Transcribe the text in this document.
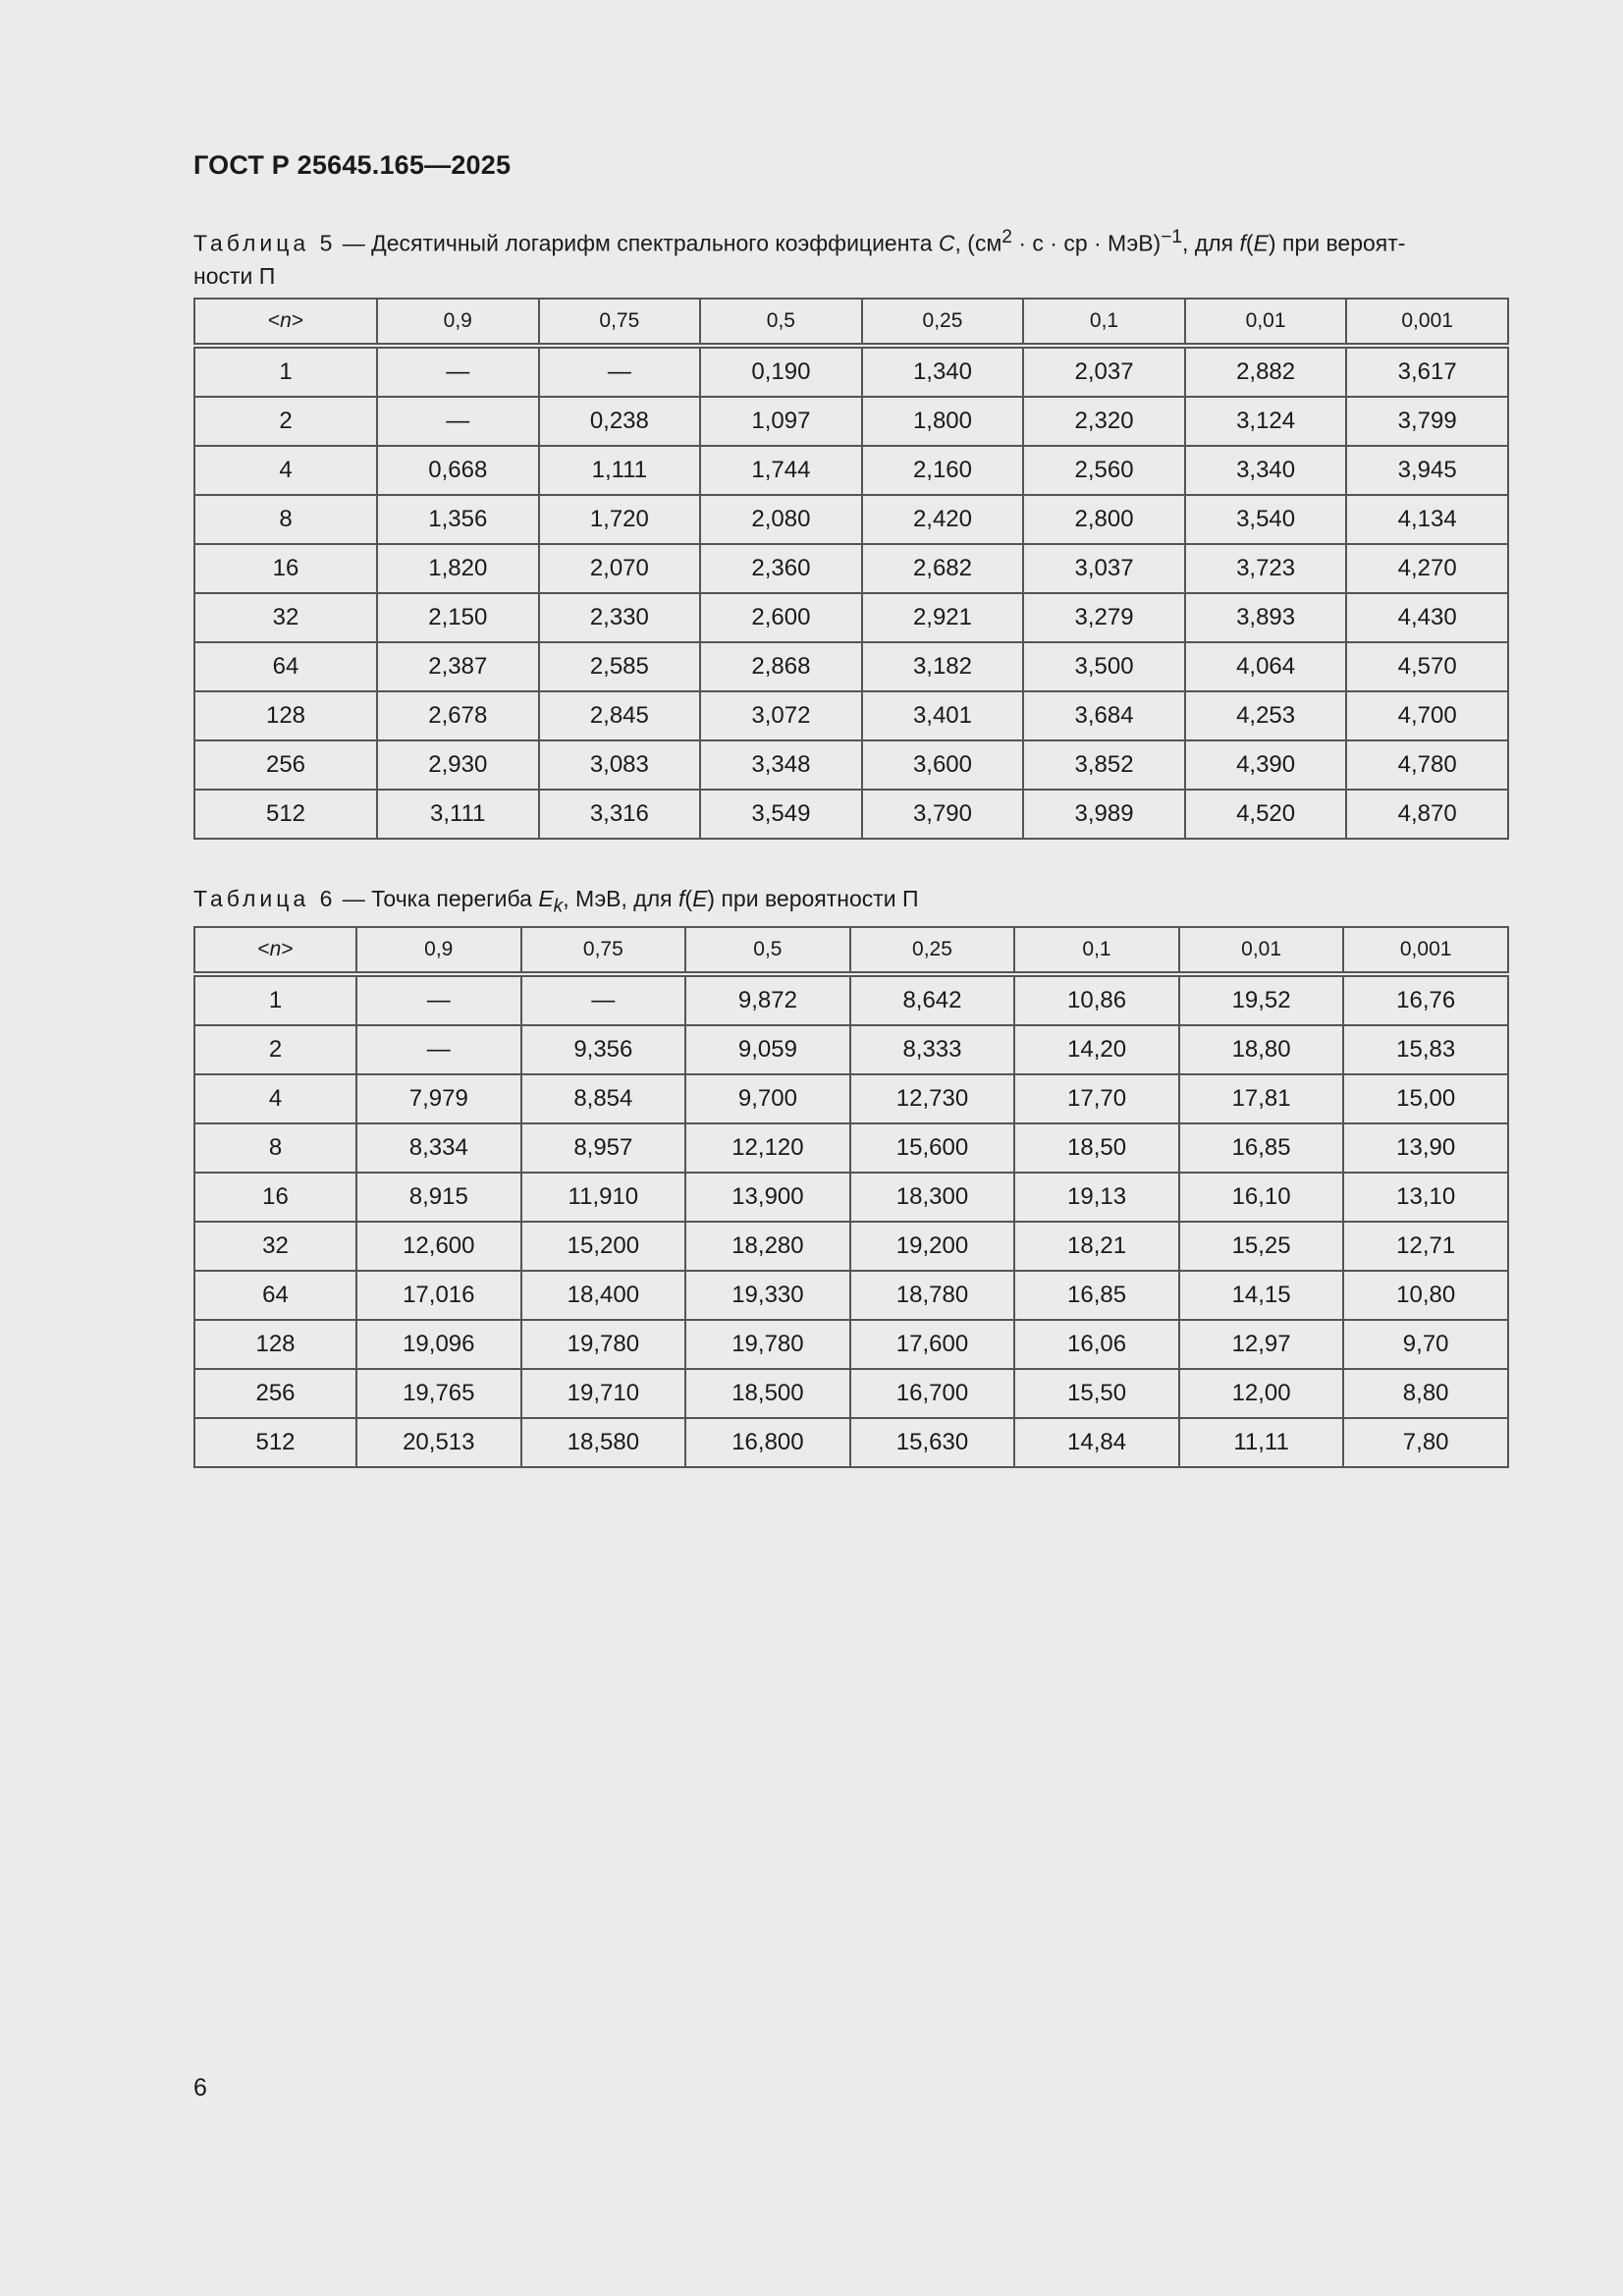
ГОСТ Р 25645.165—2025
Таблица 5 — Десятичный логарифм спектрального коэффициента C, ($см^2 \cdot с$ · ср · МэВ)$^{-1}$, для f(E) при вероят-
ности П
<n>	0,9	0,75	0,5	0,25	0,1	0,01	0,001
1	—	—	0,190	1,340	2,037	2,882	3,617
2	—	0,238	1,097	1,800	2,320	3,124	3,799
4	0,668	1,111	1,744	2,160	2,560	3,340	3,945
8	1,356	1,720	2,080	2,420	2,800	3,540	4,134
16	1,820	2,070	2,360	2,682	3,037	3,723	4,270
32	2,150	2,330	2,600	2,921	3,279	3,893	4,430
64	2,387	2,585	2,868	3,182	3,500	4,064	4,570
128	2,678	2,845	3,072	3,401	3,684	4,253	4,700
256	2,930	3,083	3,348	3,600	3,852	4,390	4,780
512	3,111	3,316	3,549	3,790	3,989	4,520	4,870
Таблица 6 — Точка перегиба $E_k$, МэВ, для f(E) при вероятности П
<n>	0,9	0,75	0,5	0,25	0,1	0,01	0,001
1	—	—	9,872	8,642	10,86	19,52	16,76
2	—	9,356	9,059	8,333	14,20	18,80	15,83
4	7,979	8,854	9,700	12,730	17,70	17,81	15,00
8	8,334	8,957	12,120	15,600	18,50	16,85	13,90
16	8,915	11,910	13,900	18,300	19,13	16,10	13,10
32	12,600	15,200	18,280	19,200	18,21	15,25	12,71
64	17,016	18,400	19,330	18,780	16,85	14,15	10,80
128	19,096	19,780	19,780	17,600	16,06	12,97	9,70
256	19,765	19,710	18,500	16,700	15,50	12,00	8,80
512	20,513	18,580	16,800	15,630	14,84	11,11	7,80
6
